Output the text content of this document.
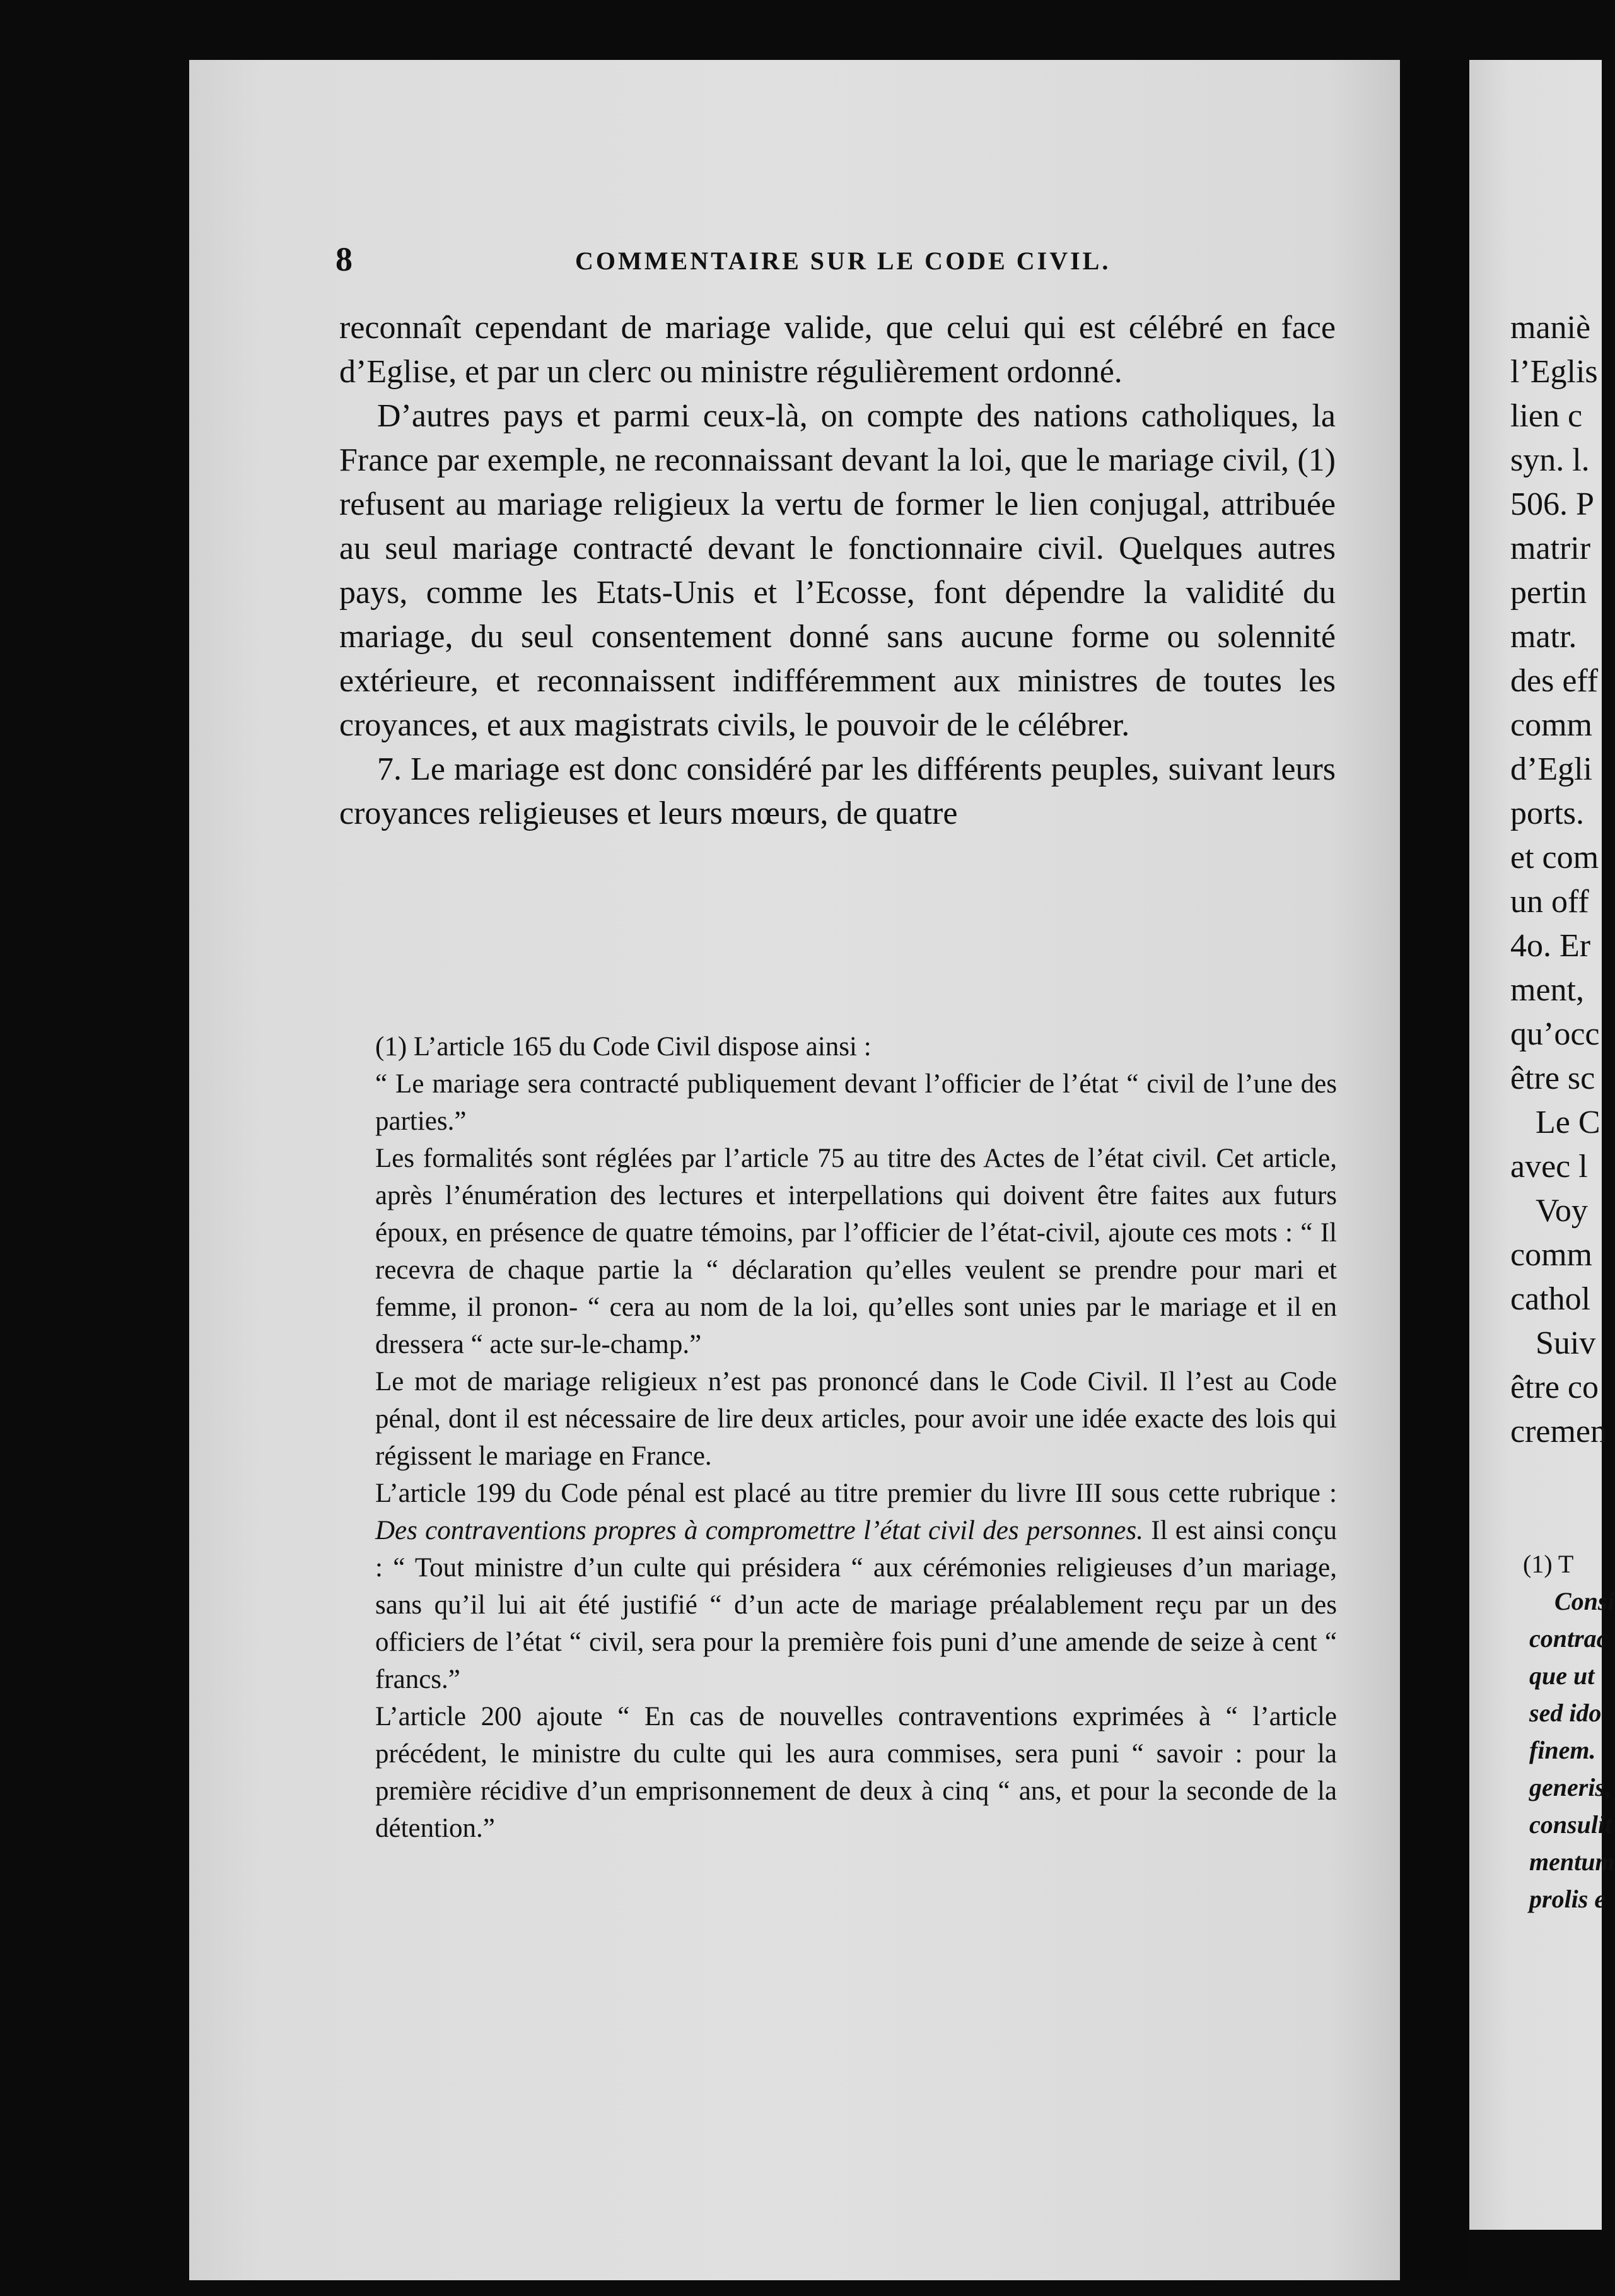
8	COMMENTAIRE SUR LE CODE CIVIL.

reconnaît cependant de mariage valide, que celui qui est célébré en face d’Eglise, et par un clerc ou ministre régulièrement ordonné.

D’autres pays et parmi ceux-là, on compte des nations catholiques, la France par exemple, ne reconnaissant devant la loi, que le mariage civil, (1) refusent au mariage religieux la vertu de former le lien conjugal, attribuée au seul mariage contracté devant le fonctionnaire civil. Quelques autres pays, comme les Etats-Unis et l’Ecosse, font dépendre la validité du mariage, du seul consentement donné sans aucune forme ou solennité extérieure, et reconnaissent indifféremment aux ministres de toutes les croyances, et aux magistrats civils, le pouvoir de le célébrer.

7. Le mariage est donc considéré par les différents peuples, suivant leurs croyances religieuses et leurs mœurs, de quatre

(1) L’article 165 du Code Civil dispose ainsi :

“ Le mariage sera contracté publiquement devant l’officier de l’état “ civil de l’une des parties.”

Les formalités sont réglées par l’article 75 au titre des Actes de l’état civil. Cet article, après l’énumération des lectures et interpellations qui doivent être faites aux futurs époux, en présence de quatre témoins, par l’officier de l’état-civil, ajoute ces mots : “ Il recevra de chaque partie la “ déclaration qu’elles veulent se prendre pour mari et femme, il pronon- “ cera au nom de la loi, qu’elles sont unies par le mariage et il en dressera “ acte sur-le-champ.”

Le mot de mariage religieux n’est pas prononcé dans le Code Civil. Il l’est au Code pénal, dont il est nécessaire de lire deux articles, pour avoir une idée exacte des lois qui régissent le mariage en France.

L’article 199 du Code pénal est placé au titre premier du livre III sous cette rubrique : Des contraventions propres à compromettre l’état civil des personnes. Il est ainsi conçu : “ Tout ministre d’un culte qui présidera “ aux cérémonies religieuses d’un mariage, sans qu’il lui ait été justifié “ d’un acte de mariage préalablement reçu par un des officiers de l’état “ civil, sera pour la première fois puni d’une amende de seize à cent “ francs.”

L’article 200 ajoute “ En cas de nouvelles contraventions exprimées à “ l’article précédent, le ministre du culte qui les aura commises, sera puni “ savoir : pour la première récidive d’un emprisonnement de deux à cinq “ ans, et pour la seconde de la détention.”

maniè
l’Eglis
lien c
syn. l.
506. P
matrir
pertin
matr.
des eff
comm
d’Egli
ports.
et com
un off
4o. Er
ment,
qu’occ
être sc
Le C
avec l
Voy
comm
cathol
Suiv
être co
cremen
(1) T
Consi
contrac
que ut
sed ido
finem.
generis,
consulit
mentum
prolis e
